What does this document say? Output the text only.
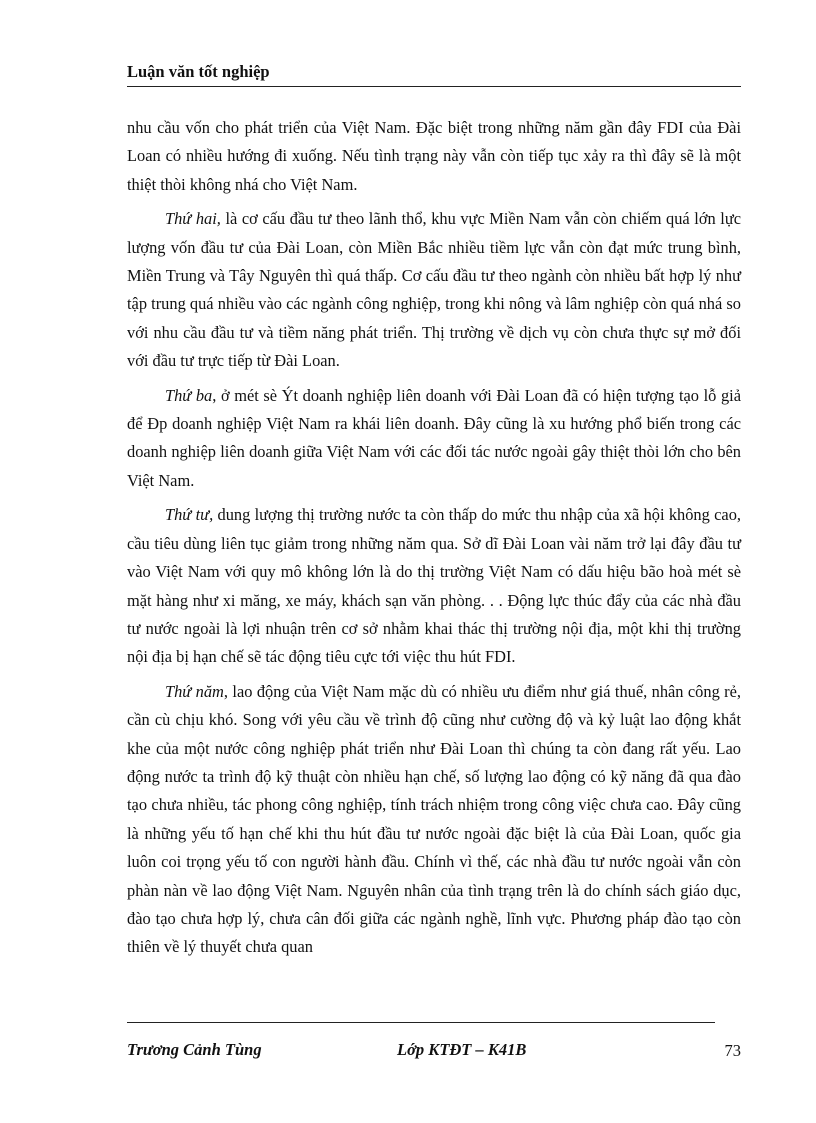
Luận văn tốt nghiệp

nhu cầu vốn cho phát triển của Việt Nam. Đặc biệt trong những năm gần đây FDI của Đài Loan có nhiều hướng đi xuống. Nếu tình trạng này vẫn còn tiếp tục xảy ra thì đây sẽ là một thiệt thòi không nhá cho Việt Nam.

Thứ hai, là cơ cấu đầu tư theo lãnh thổ, khu vực Miền Nam vẫn còn chiếm quá lớn lực lượng vốn đầu tư của Đài Loan, còn Miền Bắc nhiều tiềm lực vẫn còn đạt mức trung bình, Miền Trung và Tây Nguyên thì quá thấp. Cơ cấu đầu tư theo ngành còn nhiều bất hợp lý như tập trung quá nhiều vào các ngành công nghiệp, trong khi nông và lâm nghiệp còn quá nhá so với nhu cầu đầu tư và tiềm năng phát triển. Thị trường về dịch vụ còn chưa thực sự mở đối với đầu tư trực tiếp từ Đài Loan.

Thứ ba, ở mét sè Ýt doanh nghiệp liên doanh với Đài Loan đã có hiện tượng tạo lỗ giả để Ðp doanh nghiệp Việt Nam ra khái liên doanh. Đây cũng là xu hướng phổ biến trong các doanh nghiệp liên doanh giữa Việt Nam với các đối tác nước ngoài gây thiệt thòi lớn cho bên Việt Nam.

Thứ tư, dung lượng thị trường nước ta còn thấp do mức thu nhập của xã hội không cao, cầu tiêu dùng liên tục giảm trong những năm qua. Sở dĩ Đài Loan vài năm trở lại đây đầu tư vào Việt Nam với quy mô không lớn là do thị trường Việt Nam có dấu hiệu bão hoà mét sè mặt hàng như xi măng, xe máy, khách sạn văn phòng. . . Động lực thúc đẩy của các nhà đầu tư nước ngoài là lợi nhuận trên cơ sở nhằm khai thác thị trường nội địa, một khi thị trường nội địa bị hạn chế sẽ tác động tiêu cực tới việc thu hút FDI.

Thứ năm, lao động của Việt Nam mặc dù có nhiều ưu điểm như giá thuế, nhân công rẻ, cần cù chịu khó. Song với yêu cầu về trình độ cũng như cường độ và kỷ luật lao động khắt khe của một nước công nghiệp phát triển như Đài Loan thì chúng ta còn đang rất yếu. Lao động nước ta trình độ kỹ thuật còn nhiều hạn chế, số lượng lao động có kỹ năng đã qua đào tạo chưa nhiều, tác phong công nghiệp, tính trách nhiệm trong công việc chưa cao. Đây cũng là những yếu tố hạn chế khi thu hút đầu tư nước ngoài đặc biệt là của Đài Loan, quốc gia luôn coi trọng yếu tố con người hành đầu. Chính vì thế, các nhà đầu tư nước ngoài vẫn còn phàn nàn về lao động Việt Nam. Nguyên nhân của tình trạng trên là do chính sách giáo dục, đào tạo chưa hợp lý, chưa cân đối giữa các ngành nghề, lĩnh vực. Phương pháp đào tạo còn thiên về lý thuyết chưa quan

Trương Cảnh Tùng	Lớp KTĐT – K41B	73
